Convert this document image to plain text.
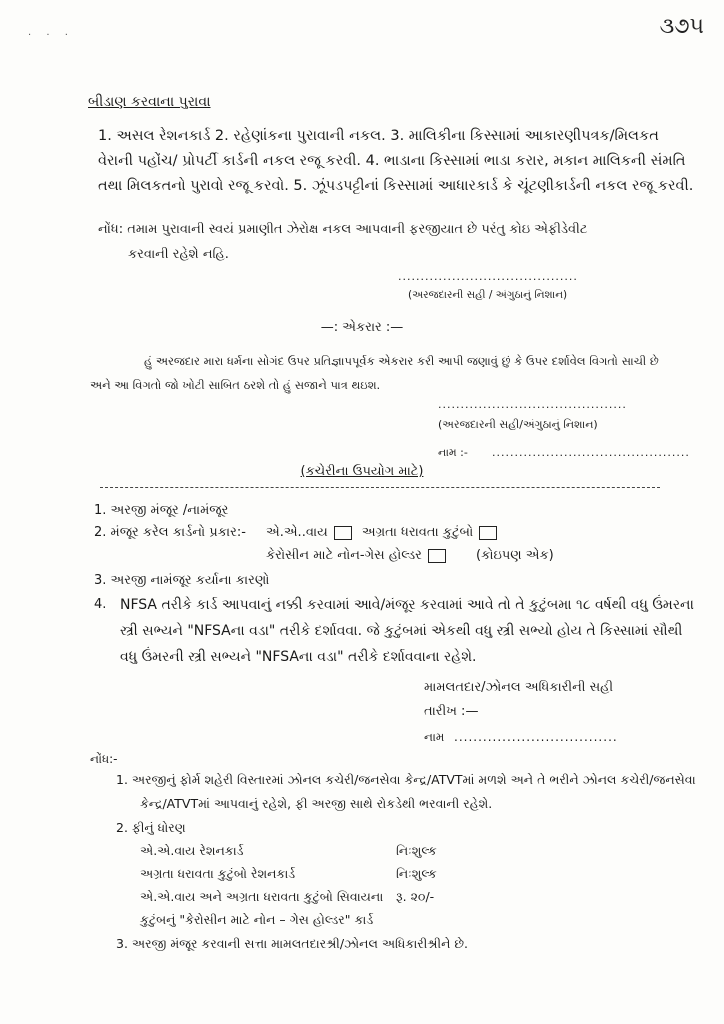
૩૭૫
· · ·
બીડાણ કરવાના પુરાવા
1. અસલ રેશનકાર્ડ 2. રહેણાંકના પુરાવાની નકલ. 3. માલિકીના કિસ્સામાં આકારણીપત્રક/મિલકત વેરાની પહોંચ/ પ્રોપર્ટી કાર્ડની નકલ રજૂ કરવી. 4. ભાડાના કિસ્સામાં ભાડા કરાર, મકાન માલિકની સંમતિ તથા મિલકતનો પુરાવો રજૂ કરવો. 5. ઝૂંપડપટ્ટીનાં કિસ્સામાં આધારકાર્ડ કે ચૂંટણીકાર્ડની નકલ રજૂ કરવી.
નોંધ: તમામ પુરાવાની સ્વયં પ્રમાણીત ઝેરોક્ષ નકલ આપવાની ફરજીયાત છે પરંતુ કોઇ એફીડેવીટ
કરવાની રહેશે નહિ.
........................................
(અરજદારની સહી / અંગુઠાનું નિશાન)
—: એકરાર :—
હું અરજદાર મારા ધર્મના સોગંદ ઉપર પ્રતિજ્ઞાપપૂર્વક એકરાર કરી આપી જણાવું છું કે ઉપર દર્શાવેલ વિગતો સાચી છે
અને આ વિગતો જો ખોટી સાબિત ઠરશે તો હું સજાને પાત્ર થઇશ.
..........................................
(અરજદારની સહી/અંગુઠાનું નિશાન)
નામ :- ............................................
(કચેરીના ઉપયોગ માટે)
1. અરજી મંજૂર /નામંજૂર
2. મંજૂર કરેલ કાર્ડનો પ્રકાર:- એ.એ..વાય	અગ્રતા ધરાવતા કુટુંબો
કેરોસીન માટે નોન-ગેસ હોલ્ડર	(કોઇપણ એક)
3. અરજી નામંજૂર કર્યાના કારણો
4. NFSA તરીકે કાર્ડ આપવાનું નક્કી કરવામાં આવે/મંજૂર કરવામાં આવે તો તે કુટુંબમા ૧૮ વર્ષથી વધુ ઉંમરના સ્ત્રી સભ્યને "NFSAના વડા" તરીકે દર્શાવવા. જે કુટુંબમાં એકથી વધુ સ્ત્રી સભ્યો હોય તે કિસ્સામાં સૌથી વધુ ઉંમરની સ્ત્રી સભ્યને "NFSAના વડા" તરીકે દર્શાવવાના રહેશે.
મામલતદાર/ઝોનલ અધિકારીની સહી
તારીખ :—
નામ ..................................
નોંધ:-
1. અરજીનું ફોર્મ શહેરી વિસ્તારમાં ઝોનલ કચેરી/જનસેવા કેન્દ્ર/ATVTમાં મળશે અને તે ભરીને ઝોનલ કચેરી/જનસેવા
કેન્દ્ર/ATVTમાં આપવાનું રહેશે, ફી અરજી સાથે રોકડેથી ભરવાની રહેશે.
2. ફીનું ધોરણ
એ.એ.વાય રેશનકાર્ડ	નિઃશુલ્ક
અગ્રતા ધરાવતા કુટુંબો રેશનકાર્ડ	નિઃશુલ્ક
એ.એ.વાય અને અગ્રતા ધરાવતા કુટુંબો સિવાયના રૂ. ૨૦/-
કુટુંબનું "કેરોસીન માટે નોન – ગેસ હોલ્ડર" કાર્ડ
3. અરજી મંજૂર કરવાની સત્તા મામલતદારશ્રી/ઝોનલ અધિકારીશ્રીને છે.
